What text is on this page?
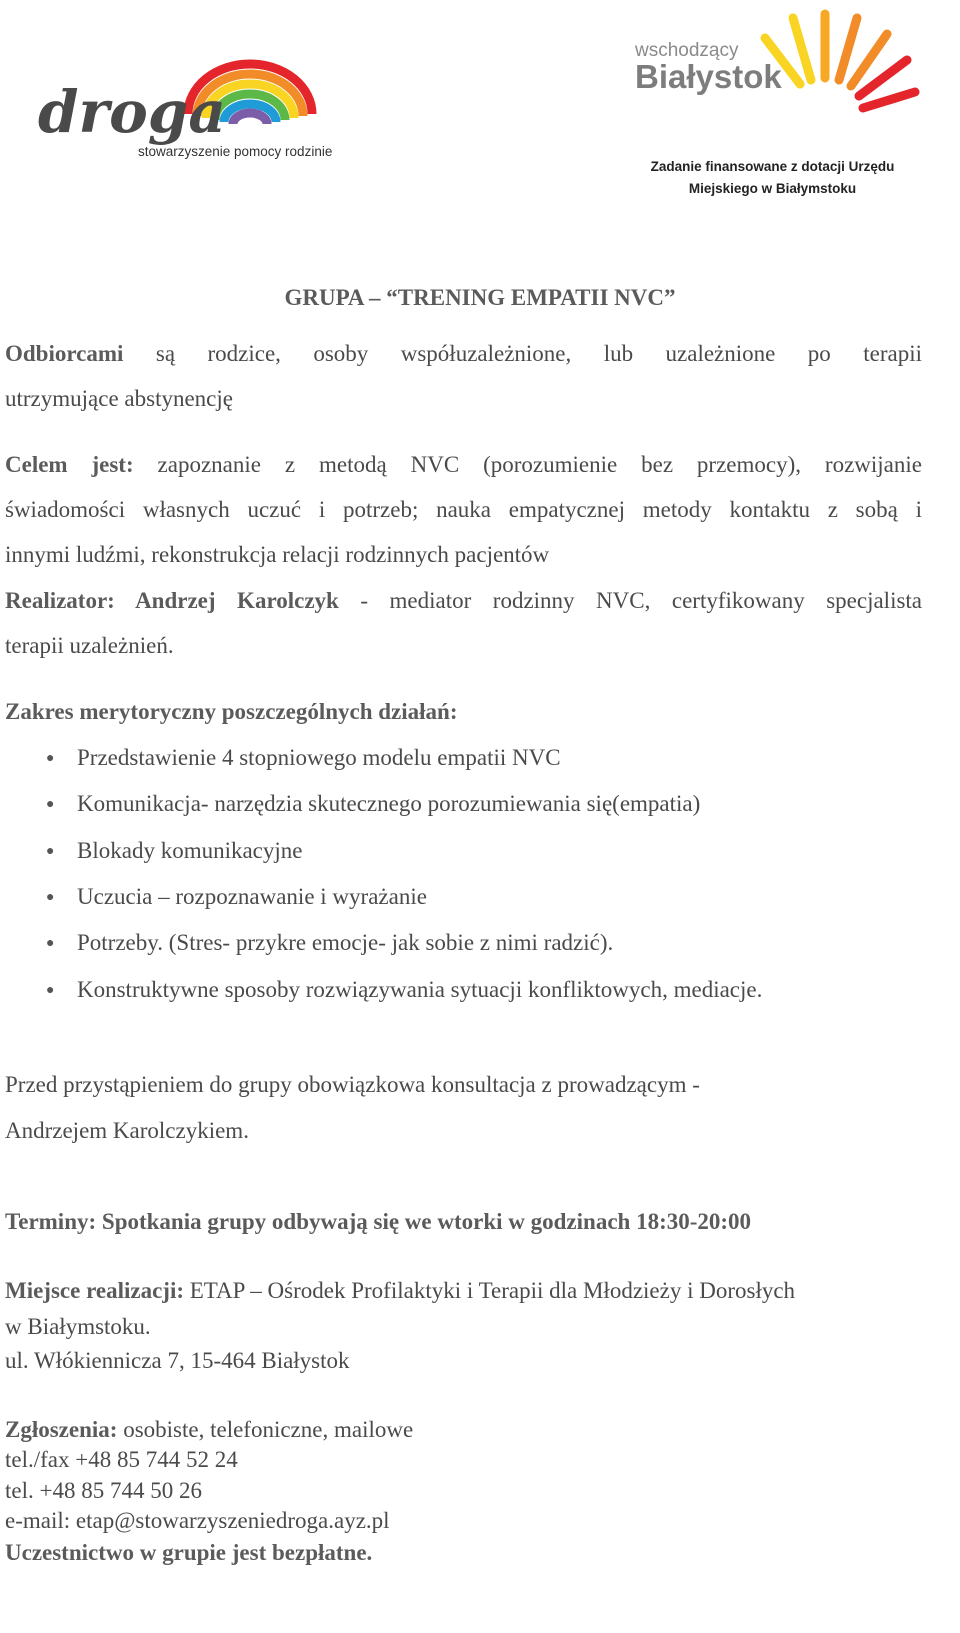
droga
stowarzyszenie pomocy rodzinie
wschodzący
Białystok
Zadanie finansowane z dotacji Urzędu
Miejskiego w Białymstoku
GRUPA – “TRENING EMPATII NVC”
Odbiorcami są rodzice, osoby współuzależnione, lub uzależnione po terapii
utrzymujące abstynencję
Celem jest: zapoznanie z metodą NVC (porozumienie bez przemocy), rozwijanie
świadomości własnych uczuć i potrzeb; nauka empatycznej metody kontaktu z sobą i
innymi ludźmi, rekonstrukcja relacji rodzinnych pacjentów
Realizator: Andrzej Karolczyk - mediator rodzinny NVC, certyfikowany specjalista
terapii uzależnień.
Zakres merytoryczny poszczególnych działań:
● Przedstawienie 4 stopniowego modelu empatii NVC
● Komunikacja- narzędzia skutecznego porozumiewania się(empatia)
● Blokady komunikacyjne
● Uczucia – rozpoznawanie i wyrażanie
● Potrzeby. (Stres- przykre emocje- jak sobie z nimi radzić).
● Konstruktywne sposoby rozwiązywania sytuacji konfliktowych, mediacje.
Przed przystąpieniem do grupy obowiązkowa konsultacja z prowadzącym -
Andrzejem Karolczykiem.
Terminy: Spotkania grupy odbywają się we wtorki w godzinach 18:30-20:00
Miejsce realizacji: ETAP – Ośrodek Profilaktyki i Terapii dla Młodzieży i Dorosłych
w Białymstoku.
ul. Włókiennicza 7, 15-464 Białystok
Zgłoszenia: osobiste, telefoniczne, mailowe
tel./fax +48 85 744 52 24
tel. +48 85 744 50 26
e-mail: etap@stowarzyszeniedroga.ayz.pl
Uczestnictwo w grupie jest bezpłatne.
